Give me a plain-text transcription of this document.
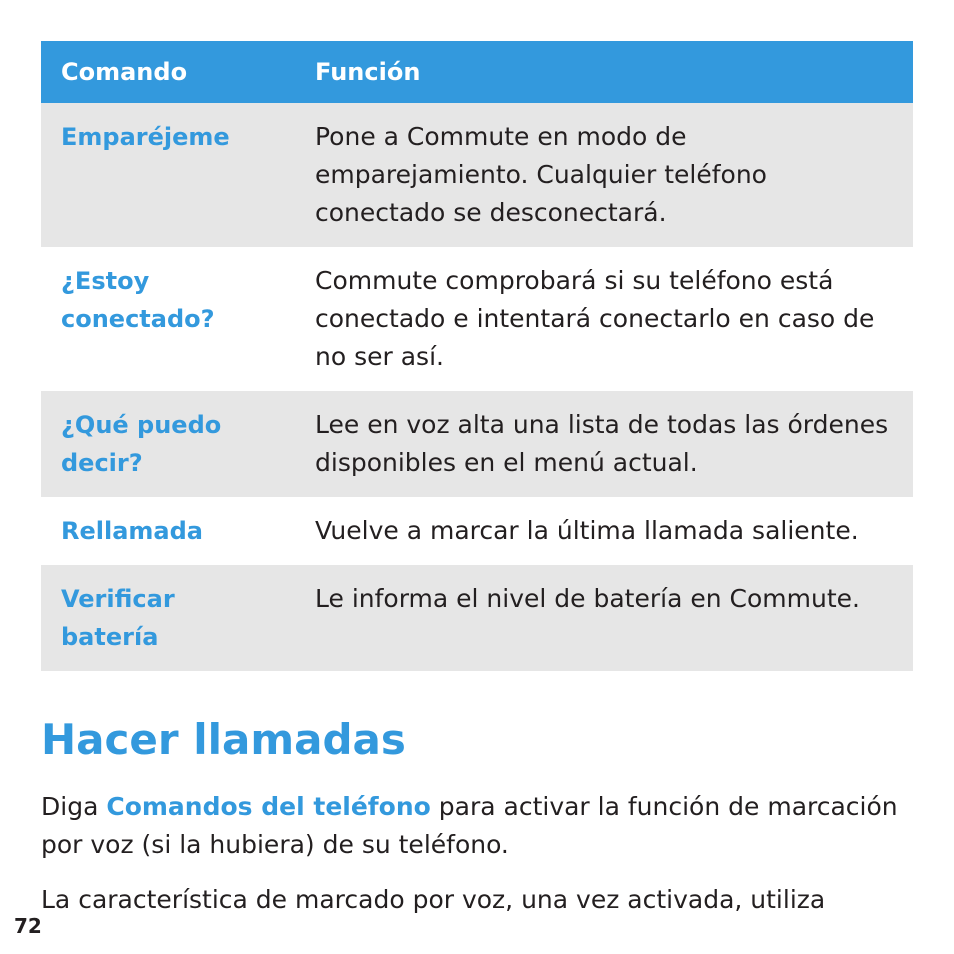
Comando	Función
Emparéjeme	Pone a Commute en modo de emparejamiento. Cualquier teléfono conectado se desconectará.
¿Estoy conectado?	Commute comprobará si su teléfono está conectado e intentará conectarlo en caso de no ser así.
¿Qué puedo decir?	Lee en voz alta una lista de todas las órdenes disponibles en el menú actual.
Rellamada	Vuelve a marcar la última llamada saliente.
Verificar batería	Le informa el nivel de batería en Commute.
Hacer llamadas

Diga Comandos del teléfono para activar la función de marcación por voz (si la hubiera) de su teléfono.

La característica de marcado por voz, una vez activada, utiliza

72
